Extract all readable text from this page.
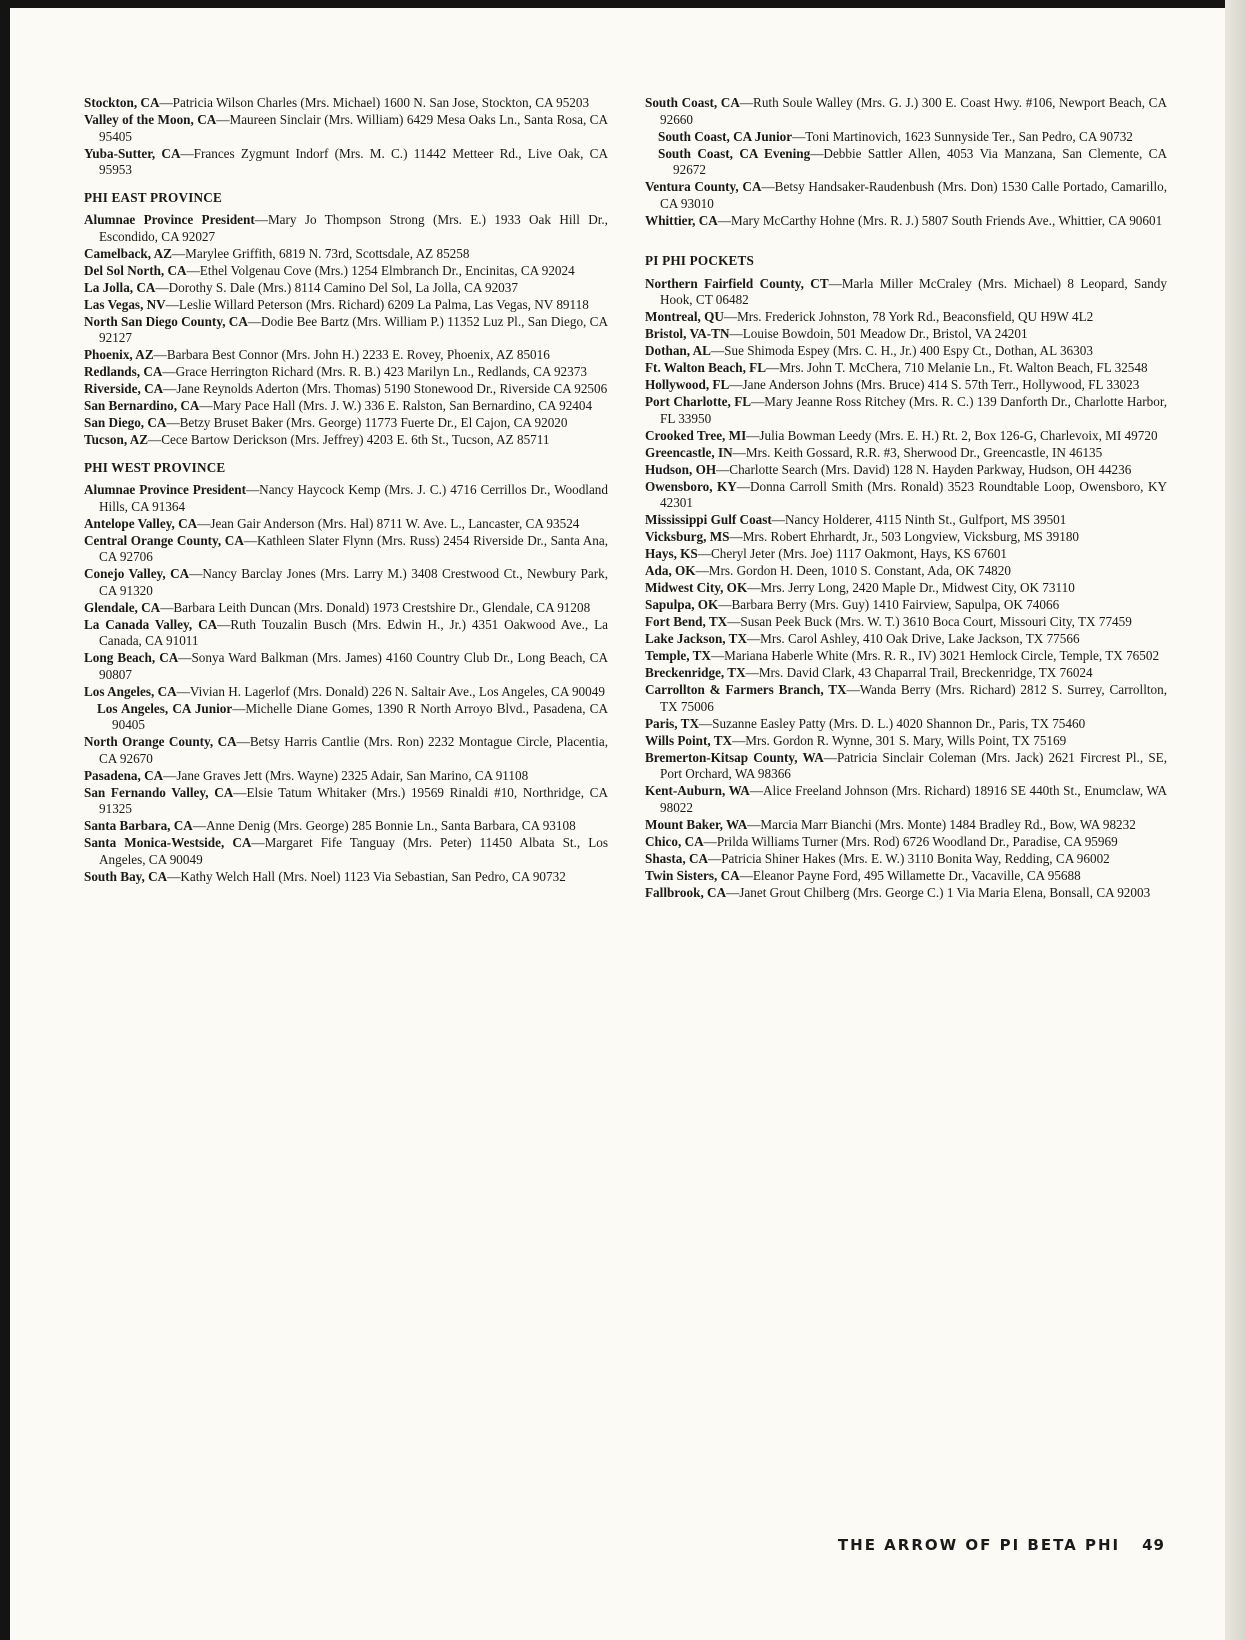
Stockton, CA—Patricia Wilson Charles (Mrs. Michael) 1600 N. San Jose, Stockton, CA 95203
Valley of the Moon, CA—Maureen Sinclair (Mrs. William) 6429 Mesa Oaks Ln., Santa Rosa, CA 95405
Yuba-Sutter, CA—Frances Zygmunt Indorf (Mrs. M. C.) 11442 Metteer Rd., Live Oak, CA 95953
PHI EAST PROVINCE
Alumnae Province President—Mary Jo Thompson Strong (Mrs. E.) 1933 Oak Hill Dr., Escondido, CA 92027
Camelback, AZ—Marylee Griffith, 6819 N. 73rd, Scottsdale, AZ 85258
Del Sol North, CA—Ethel Volgenau Cove (Mrs.) 1254 Elmbranch Dr., Encinitas, CA 92024
La Jolla, CA—Dorothy S. Dale (Mrs.) 8114 Camino Del Sol, La Jolla, CA 92037
Las Vegas, NV—Leslie Willard Peterson (Mrs. Richard) 6209 La Palma, Las Vegas, NV 89118
North San Diego County, CA—Dodie Bee Bartz (Mrs. William P.) 11352 Luz Pl., San Diego, CA 92127
Phoenix, AZ—Barbara Best Connor (Mrs. John H.) 2233 E. Rovey, Phoenix, AZ 85016
Redlands, CA—Grace Herrington Richard (Mrs. R. B.) 423 Marilyn Ln., Redlands, CA 92373
Riverside, CA—Jane Reynolds Aderton (Mrs. Thomas) 5190 Stonewood Dr., Riverside CA 92506
San Bernardino, CA—Mary Pace Hall (Mrs. J. W.) 336 E. Ralston, San Bernardino, CA 92404
San Diego, CA—Betzy Bruset Baker (Mrs. George) 11773 Fuerte Dr., El Cajon, CA 92020
Tucson, AZ—Cece Bartow Derickson (Mrs. Jeffrey) 4203 E. 6th St., Tucson, AZ 85711
PHI WEST PROVINCE
Alumnae Province President—Nancy Haycock Kemp (Mrs. J. C.) 4716 Cerrillos Dr., Woodland Hills, CA 91364
Antelope Valley, CA—Jean Gair Anderson (Mrs. Hal) 8711 W. Ave. L., Lancaster, CA 93524
Central Orange County, CA—Kathleen Slater Flynn (Mrs. Russ) 2454 Riverside Dr., Santa Ana, CA 92706
Conejo Valley, CA—Nancy Barclay Jones (Mrs. Larry M.) 3408 Crestwood Ct., Newbury Park, CA 91320
Glendale, CA—Barbara Leith Duncan (Mrs. Donald) 1973 Crestshire Dr., Glendale, CA 91208
La Canada Valley, CA—Ruth Touzalin Busch (Mrs. Edwin H., Jr.) 4351 Oakwood Ave., La Canada, CA 91011
Long Beach, CA—Sonya Ward Balkman (Mrs. James) 4160 Country Club Dr., Long Beach, CA 90807
Los Angeles, CA—Vivian H. Lagerlof (Mrs. Donald) 226 N. Saltair Ave., Los Angeles, CA 90049
Los Angeles, CA Junior—Michelle Diane Gomes, 1390 R North Arroyo Blvd., Pasadena, CA 90405
North Orange County, CA—Betsy Harris Cantlie (Mrs. Ron) 2232 Montague Circle, Placentia, CA 92670
Pasadena, CA—Jane Graves Jett (Mrs. Wayne) 2325 Adair, San Marino, CA 91108
San Fernando Valley, CA—Elsie Tatum Whitaker (Mrs.) 19569 Rinaldi #10, Northridge, CA 91325
Santa Barbara, CA—Anne Denig (Mrs. George) 285 Bonnie Ln., Santa Barbara, CA 93108
Santa Monica-Westside, CA—Margaret Fife Tanguay (Mrs. Peter) 11450 Albata St., Los Angeles, CA 90049
South Bay, CA—Kathy Welch Hall (Mrs. Noel) 1123 Via Sebastian, San Pedro, CA 90732
South Coast, CA—Ruth Soule Walley (Mrs. G. J.) 300 E. Coast Hwy. #106, Newport Beach, CA 92660
South Coast, CA Junior—Toni Martinovich, 1623 Sunnyside Ter., San Pedro, CA 90732
South Coast, CA Evening—Debbie Sattler Allen, 4053 Via Manzana, San Clemente, CA 92672
Ventura County, CA—Betsy Handsaker-Raudenbush (Mrs. Don) 1530 Calle Portado, Camarillo, CA 93010
Whittier, CA—Mary McCarthy Hohne (Mrs. R. J.) 5807 South Friends Ave., Whittier, CA 90601
PI PHI POCKETS
Northern Fairfield County, CT—Marla Miller McCraley (Mrs. Michael) 8 Leopard, Sandy Hook, CT 06482
Montreal, QU—Mrs. Frederick Johnston, 78 York Rd., Beaconsfield, QU H9W 4L2
Bristol, VA-TN—Louise Bowdoin, 501 Meadow Dr., Bristol, VA 24201
Dothan, AL—Sue Shimoda Espey (Mrs. C. H., Jr.) 400 Espy Ct., Dothan, AL 36303
Ft. Walton Beach, FL—Mrs. John T. McChera, 710 Melanie Ln., Ft. Walton Beach, FL 32548
Hollywood, FL—Jane Anderson Johns (Mrs. Bruce) 414 S. 57th Terr., Hollywood, FL 33023
Port Charlotte, FL—Mary Jeanne Ross Ritchey (Mrs. R. C.) 139 Danforth Dr., Charlotte Harbor, FL 33950
Crooked Tree, MI—Julia Bowman Leedy (Mrs. E. H.) Rt. 2, Box 126-G, Charlevoix, MI 49720
Greencastle, IN—Mrs. Keith Gossard, R.R. #3, Sherwood Dr., Greencastle, IN 46135
Hudson, OH—Charlotte Search (Mrs. David) 128 N. Hayden Parkway, Hudson, OH 44236
Owensboro, KY—Donna Carroll Smith (Mrs. Ronald) 3523 Roundtable Loop, Owensboro, KY 42301
Mississippi Gulf Coast—Nancy Holderer, 4115 Ninth St., Gulfport, MS 39501
Vicksburg, MS—Mrs. Robert Ehrhardt, Jr., 503 Longview, Vicksburg, MS 39180
Hays, KS—Cheryl Jeter (Mrs. Joe) 1117 Oakmont, Hays, KS 67601
Ada, OK—Mrs. Gordon H. Deen, 1010 S. Constant, Ada, OK 74820
Midwest City, OK—Mrs. Jerry Long, 2420 Maple Dr., Midwest City, OK 73110
Sapulpa, OK—Barbara Berry (Mrs. Guy) 1410 Fairview, Sapulpa, OK 74066
Fort Bend, TX—Susan Peek Buck (Mrs. W. T.) 3610 Boca Court, Missouri City, TX 77459
Lake Jackson, TX—Mrs. Carol Ashley, 410 Oak Drive, Lake Jackson, TX 77566
Temple, TX—Mariana Haberle White (Mrs. R. R., IV) 3021 Hemlock Circle, Temple, TX 76502
Breckenridge, TX—Mrs. David Clark, 43 Chaparral Trail, Breckenridge, TX 76024
Carrollton & Farmers Branch, TX—Wanda Berry (Mrs. Richard) 2812 S. Surrey, Carrollton, TX 75006
Paris, TX—Suzanne Easley Patty (Mrs. D. L.) 4020 Shannon Dr., Paris, TX 75460
Wills Point, TX—Mrs. Gordon R. Wynne, 301 S. Mary, Wills Point, TX 75169
Bremerton-Kitsap County, WA—Patricia Sinclair Coleman (Mrs. Jack) 2621 Fircrest Pl., SE, Port Orchard, WA 98366
Kent-Auburn, WA—Alice Freeland Johnson (Mrs. Richard) 18916 SE 440th St., Enumclaw, WA 98022
Mount Baker, WA—Marcia Marr Bianchi (Mrs. Monte) 1484 Bradley Rd., Bow, WA 98232
Chico, CA—Prilda Williams Turner (Mrs. Rod) 6726 Woodland Dr., Paradise, CA 95969
Shasta, CA—Patricia Shiner Hakes (Mrs. E. W.) 3110 Bonita Way, Redding, CA 96002
Twin Sisters, CA—Eleanor Payne Ford, 495 Willamette Dr., Vacaville, CA 95688
Fallbrook, CA—Janet Grout Chilberg (Mrs. George C.) 1 Via Maria Elena, Bonsall, CA 92003
THE ARROW OF PI BETA PHI 49
